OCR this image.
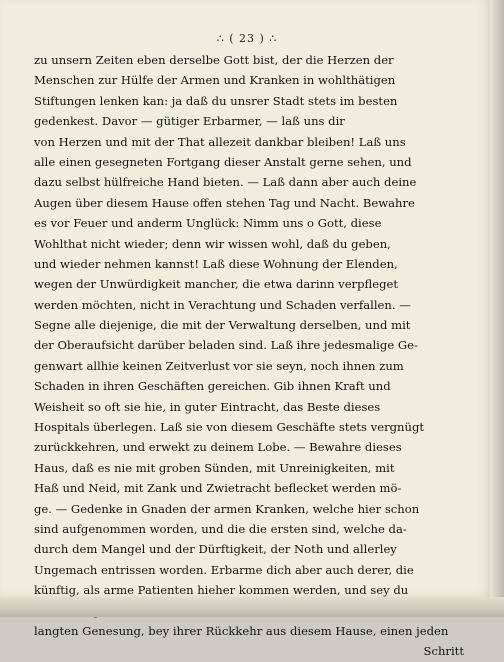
∴ ( 23 ) ∴
zu unsern Zeiten eben derselbe Gott bist, der die Herzen der
Menschen zur Hülfe der Armen und Kranken in wohlthätigen
Stiftungen lenken kan: ja daß du unsrer Stadt stets im besten
gedenkest. Davor — gütiger Erbarmer, — laß uns dir
von Herzen und mit der That allezeit dankbar bleiben! Laß uns
alle einen gesegneten Fortgang dieser Anstalt gerne sehen, und
dazu selbst hülfreiche Hand bieten. — Laß dann aber auch deine
Augen über diesem Hause offen stehen Tag und Nacht. Bewahre
es vor Feuer und anderm Unglück: Nimm uns o Gott, diese
Wohlthat nicht wieder; denn wir wissen wohl, daß du geben,
und wieder nehmen kannst! Laß diese Wohnung der Elenden,
wegen der Unwürdigkeit mancher, die etwa darinn verpfleget
werden möchten, nicht in Verachtung und Schaden verfallen. —
Segne alle diejenige, die mit der Verwaltung derselben, und mit
der Oberaufsicht darüber beladen sind. Laß ihre jedesmalige Ge-
genwart allhie keinen Zeitverlust vor sie seyn, noch ihnen zum
Schaden in ihren Geschäften gereichen. Gib ihnen Kraft und
Weisheit so oft sie hie, in guter Eintracht, das Beste dieses
Hospitals überlegen. Laß sie von diesem Geschäfte stets vergnügt
zurückkehren, und erwekt zu deinem Lobe. — Bewahre dieses
Haus, daß es nie mit groben Sünden, mit Unreinigkeiten, mit
Haß und Neid, mit Zank und Zwietracht beflecket werden mö-
ge. — Gedenke in Gnaden der armen Kranken, welche hier schon
sind aufgenommen worden, und die die ersten sind, welche da-
durch dem Mangel und der Dürftigkeit, der Noth und allerley
Ungemach entrissen worden. Erbarme dich aber auch derer, die
künftig, als arme Patienten hieher kommen werden, und sey du
langten Genesung, bey ihrer Rückkehr aus diesem Hause, einen jeden
Schritt
